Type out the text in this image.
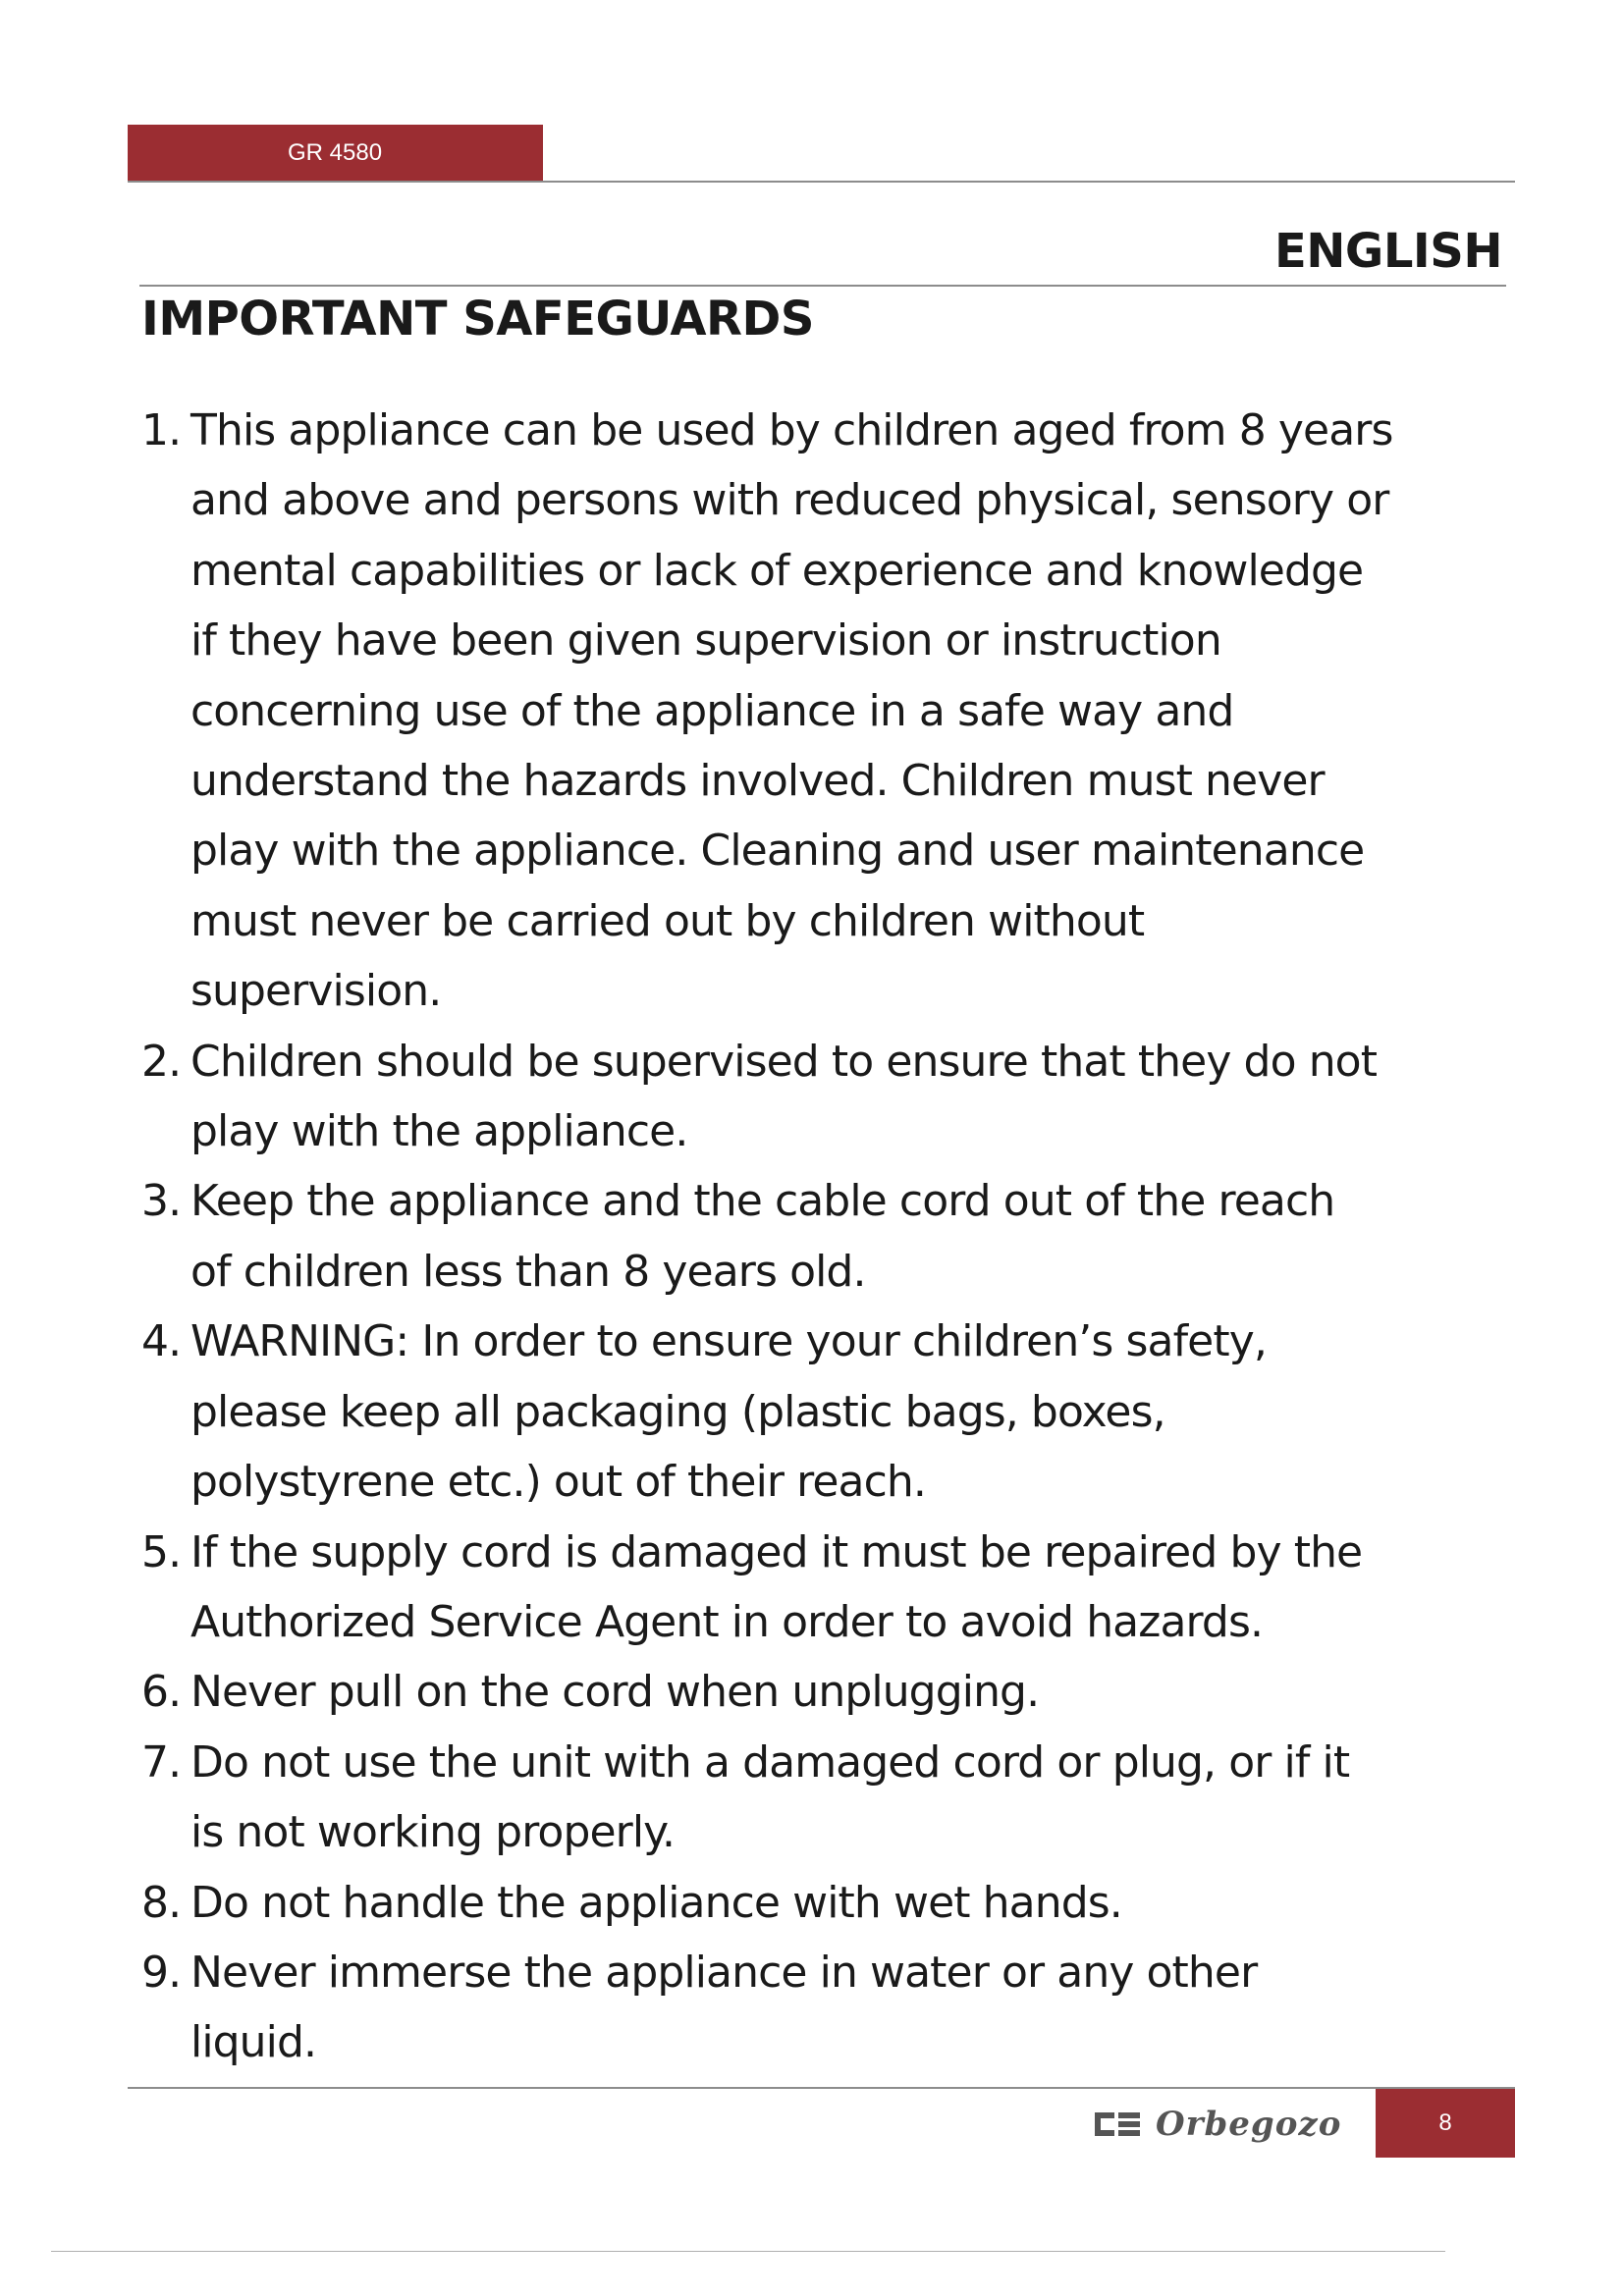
GR 4580
ENGLISH
IMPORTANT SAFEGUARDS
1. This appliance can be used by children aged from 8 years
and above and persons with reduced physical, sensory or
mental capabilities or lack of experience and knowledge
if they have been given supervision or instruction
concerning use of the appliance in a safe way and
understand the hazards involved. Children must never
play with the appliance. Cleaning and user maintenance
must never be carried out by children without
supervision.
2. Children should be supervised to ensure that they do not
play with the appliance.
3. Keep the appliance and the cable cord out of the reach
of children less than 8 years old.
4. WARNING: In order to ensure your children’s safety,
please keep all packaging (plastic bags, boxes,
polystyrene etc.) out of their reach.
5. If the supply cord is damaged it must be repaired by the
Authorized Service Agent in order to avoid hazards.
6. Never pull on the cord when unplugging.
7. Do not use the unit with a damaged cord or plug, or if it
is not working properly.
8. Do not handle the appliance with wet hands.
9. Never immerse the appliance in water or any other
liquid.
Orbegozo	8
